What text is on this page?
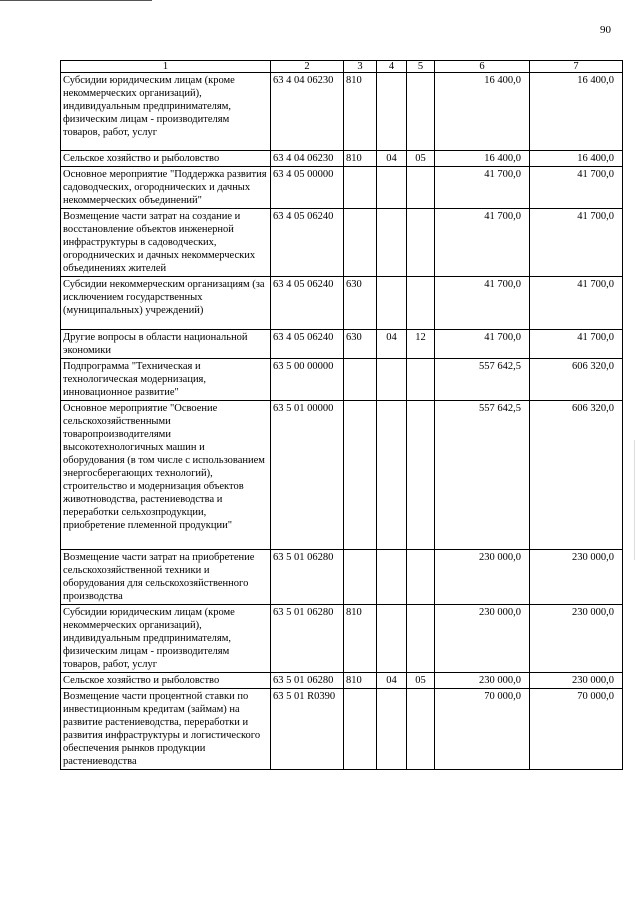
90
1	2	3	4	5	6	7
Субсидии юридическим лицам (кроме некоммерческих организаций), индивидуальным предпринимателям, физическим лицам - производителям товаров, работ, услуг	63 4 04 06230	810			16 400,0	16 400,0
Сельское хозяйство и рыболовство	63 4 04 06230	810	04	05	16 400,0	16 400,0
Основное мероприятие "Поддержка развития садоводческих, огороднических и дачных некоммерческих объединений"	63 4 05 00000				41 700,0	41 700,0
Возмещение части затрат на создание и восстановление объектов инженерной инфраструктуры в садоводческих, огороднических и дачных некоммерческих объединениях жителей	63 4 05 06240				41 700,0	41 700,0
Субсидии некоммерческим организациям (за исключением государственных (муниципальных) учреждений)	63 4 05 06240	630			41 700,0	41 700,0
Другие вопросы в области национальной экономики	63 4 05 06240	630	04	12	41 700,0	41 700,0
Подпрограмма "Техническая и технологическая модернизация, инновационное развитие"	63 5 00 00000				557 642,5	606 320,0
Основное мероприятие "Освоение сельскохозяйственными товаропроизводителями высокотехнологичных машин и оборудования (в том числе с использованием энергосберегающих технологий), строительство и модернизация объектов животноводства, растениеводства и переработки сельхозпродукции, приобретение племенной продукции"	63 5 01 00000				557 642,5	606 320,0
Возмещение части затрат на приобретение сельскохозяйственной техники и оборудования для сельскохозяйственного производства	63 5 01 06280				230 000,0	230 000,0
Субсидии юридическим лицам (кроме некоммерческих организаций), индивидуальным предпринимателям, физическим лицам - производителям товаров, работ, услуг	63 5 01 06280	810			230 000,0	230 000,0
Сельское хозяйство и рыболовство	63 5 01 06280	810	04	05	230 000,0	230 000,0
Возмещение части процентной ставки по инвестиционным кредитам (займам) на развитие растениеводства, переработки и развития инфраструктуры и логистического обеспечения рынков продукции растениеводства	63 5 01 R0390				70 000,0	70 000,0
